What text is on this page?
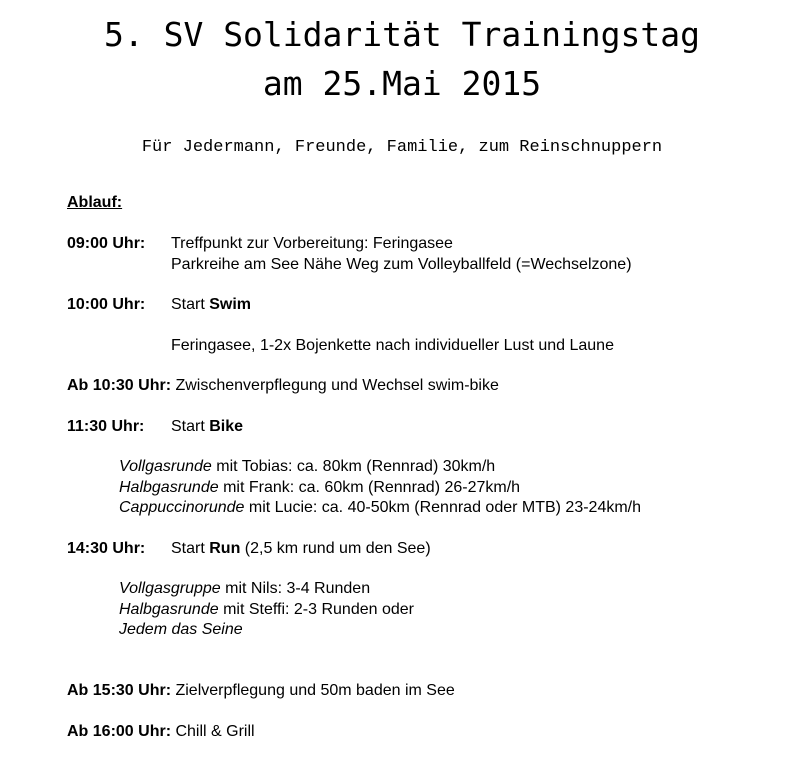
5. SV Solidarität Trainingstag
am 25.Mai 2015
Für Jedermann, Freunde, Familie, zum Reinschnuppern
Ablauf:
09:00 Uhr: Treffpunkt zur Vorbereitung: Feringasee
Parkreihe am See Nähe Weg zum Volleyballfeld (=Wechselzone)
10:00 Uhr: Start Swim
Feringasee, 1-2x Bojenkette nach individueller Lust und Laune
Ab 10:30 Uhr: Zwischenverpflegung und Wechsel swim-bike
11:30 Uhr: Start Bike
Vollgasrunde mit Tobias: ca. 80km (Rennrad) 30km/h
Halbgasrunde mit Frank: ca. 60km (Rennrad) 26-27km/h
Cappuccinorunde mit Lucie: ca. 40-50km (Rennrad oder MTB) 23-24km/h
14:30 Uhr: Start Run (2,5 km rund um den See)
Vollgasgruppe mit Nils: 3-4 Runden
Halbgasrunde mit Steffi: 2-3 Runden oder
Jedem das Seine
Ab 15:30 Uhr: Zielverpflegung und 50m baden im See
Ab 16:00 Uhr: Chill & Grill
